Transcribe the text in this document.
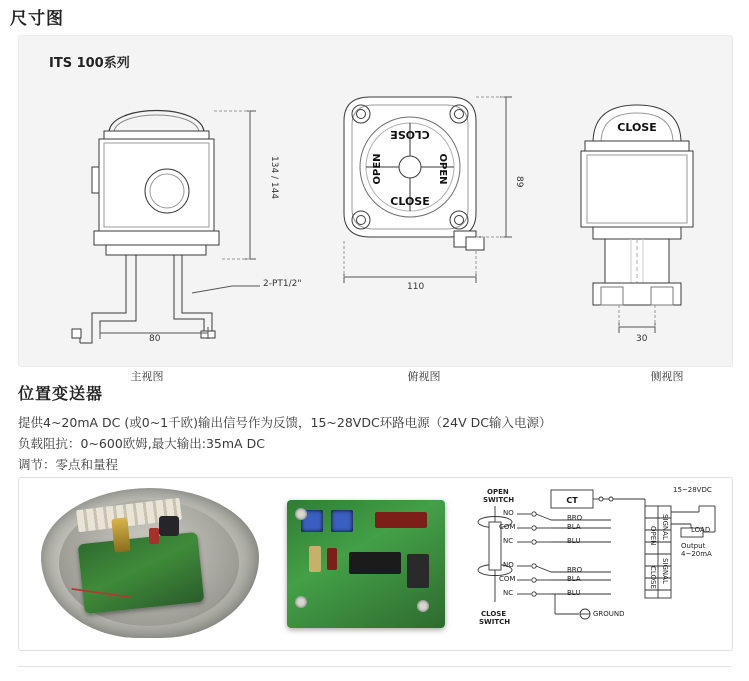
尺寸图
ITS 100系列
134 / 144
80
2-PT1/2"
主视图
CLOSE
OPEN	OPEN
CLOSE
89
110
俯视图
CLOSE
30
侧视图
位置变送器
提供4~20mA DC (或0~1千欧)输出信号作为反馈，15~28VDC环路电源（24V DC输入电源）
负载阻抗：0~600欧姆,最大输出:35mA DC
调节：零点和量程
CT
OPEN
SWITCH
CLOSE
SWITCH
NO
COM
NC
NO
COM
NC
BRO
BLA
BLU
BRO
BLA
BLU
GROUND
CLOSE
OPEN SIGNAL
SIGNAL
15~28VDC
LOAD
Output
4~20mA
